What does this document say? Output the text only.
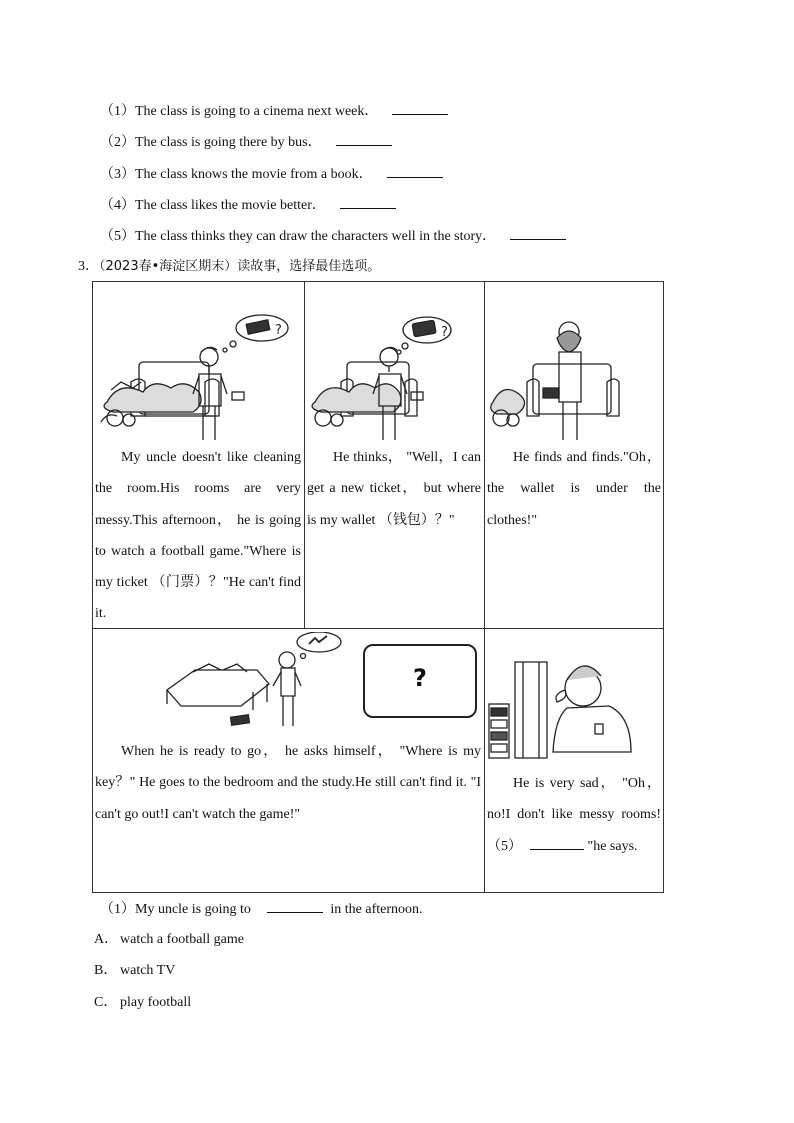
（1）The class is going to a cinema next week．
（2）The class is going there by bus．
（3）The class knows the movie from a book．
（4）The class likes the movie better．
（5）The class thinks they can draw the characters well in the story．
3．（2023春•海淀区期末）读故事，选择最佳选项。
?
My uncle doesn't like cleaning the room.His rooms are very messy.This afternoon， he is going to watch a football game."Where is my ticket （门票）？"He can't find it.
?
He thinks， "Well，I can get a new ticket， but where is my wallet （钱包）？"
He finds and finds."Oh，the wallet is under the clothes!"
?
When he is ready to go， he asks himself， "Where is my key？" He goes to the bedroom and the study.He still can't find it. "I can't go out!I can't watch the game!"
He is very sad， "Oh，no!I don't like messy rooms!（5）	"he says.
（1）My uncle is going to	in the afternoon.
A． watch a football game
B． watch TV
C． play football
